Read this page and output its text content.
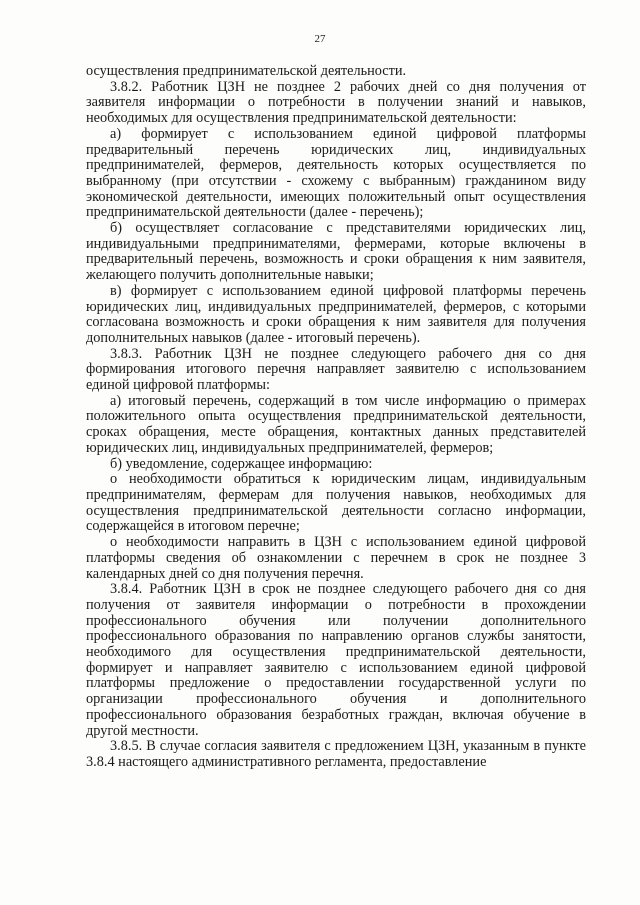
27

осуществления предпринимательской деятельности.

3.8.2. Работник ЦЗН не позднее 2 рабочих дней со дня получения от заявителя информации о потребности в получении знаний и навыков, необходимых для осуществления предпринимательской деятельности:

а) формирует с использованием единой цифровой платформы предварительный перечень юридических лиц, индивидуальных предпринимателей, фермеров, деятельность которых осуществляется по выбранному (при отсутствии - схожему с выбранным) гражданином виду экономической деятельности, имеющих положительный опыт осуществления предпринимательской деятельности (далее - перечень);

б) осуществляет согласование с представителями юридических лиц, индивидуальными предпринимателями, фермерами, которые включены в предварительный перечень, возможность и сроки обращения к ним заявителя, желающего получить дополнительные навыки;

в) формирует с использованием единой цифровой платформы перечень юридических лиц, индивидуальных предпринимателей, фермеров, с которыми согласована возможность и сроки обращения к ним заявителя для получения дополнительных навыков (далее - итоговый перечень).

3.8.3. Работник ЦЗН не позднее следующего рабочего дня со дня формирования итогового перечня направляет заявителю с использованием единой цифровой платформы:

а) итоговый перечень, содержащий в том числе информацию о примерах положительного опыта осуществления предпринимательской деятельности, сроках обращения, месте обращения, контактных данных представителей юридических лиц, индивидуальных предпринимателей, фермеров;

б) уведомление, содержащее информацию:

о необходимости обратиться к юридическим лицам, индивидуальным предпринимателям, фермерам для получения навыков, необходимых для осуществления предпринимательской деятельности согласно информации, содержащейся в итоговом перечне;

о необходимости направить в ЦЗН с использованием единой цифровой платформы сведения об ознакомлении с перечнем в срок не позднее 3 календарных дней со дня получения перечня.

3.8.4. Работник ЦЗН в срок не позднее следующего рабочего дня со дня получения от заявителя информации о потребности в прохождении профессионального обучения или получении дополнительного профессионального образования по направлению органов службы занятости, необходимого для осуществления предпринимательской деятельности, формирует и направляет заявителю с использованием единой цифровой платформы предложение о предоставлении государственной услуги по организации профессионального обучения и дополнительного профессионального образования безработных граждан, включая обучение в другой местности.

3.8.5. В случае согласия заявителя с предложением ЦЗН, указанным в пункте 3.8.4 настоящего административного регламента, предоставление
